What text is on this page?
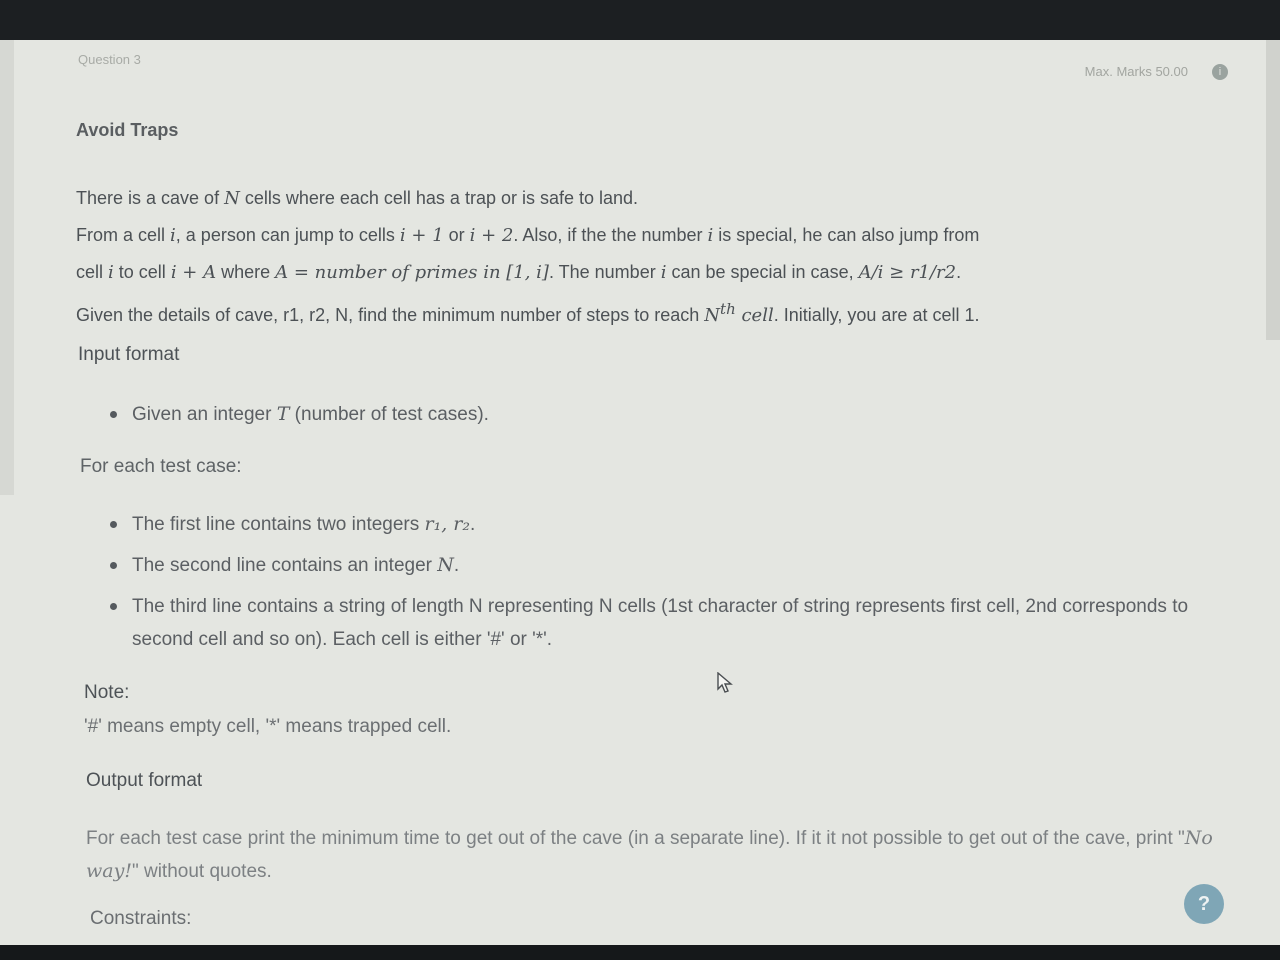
Question 3
Max. Marks 50.00	i
Avoid Traps
There is a cave of N cells where each cell has a trap or is safe to land.
From a cell i, a person can jump to cells i + 1 or i + 2. Also, if the the number i is special, he can also jump from
cell i to cell i + A where A = number of primes in [1, i]. The number i can be special in case, A/i ≥ r1/r2.
Given the details of cave, r1, r2, N, find the minimum number of steps to reach $N^{th}$ cell. Initially, you are at cell 1.
Input format
Given an integer T (number of test cases).
For each test case:
The first line contains two integers r₁, r₂.
The second line contains an integer N.
The third line contains a string of length N representing N cells (1st character of string represents first cell, 2nd corresponds to second cell and so on). Each cell is either '#' or '*'.
Note:
'#' means empty cell, '*' means trapped cell.
Output format
For each test case print the minimum time to get out of the cave (in a separate line). If it it not possible to get out of the cave, print "No way!" without quotes.
Constraints:
?
